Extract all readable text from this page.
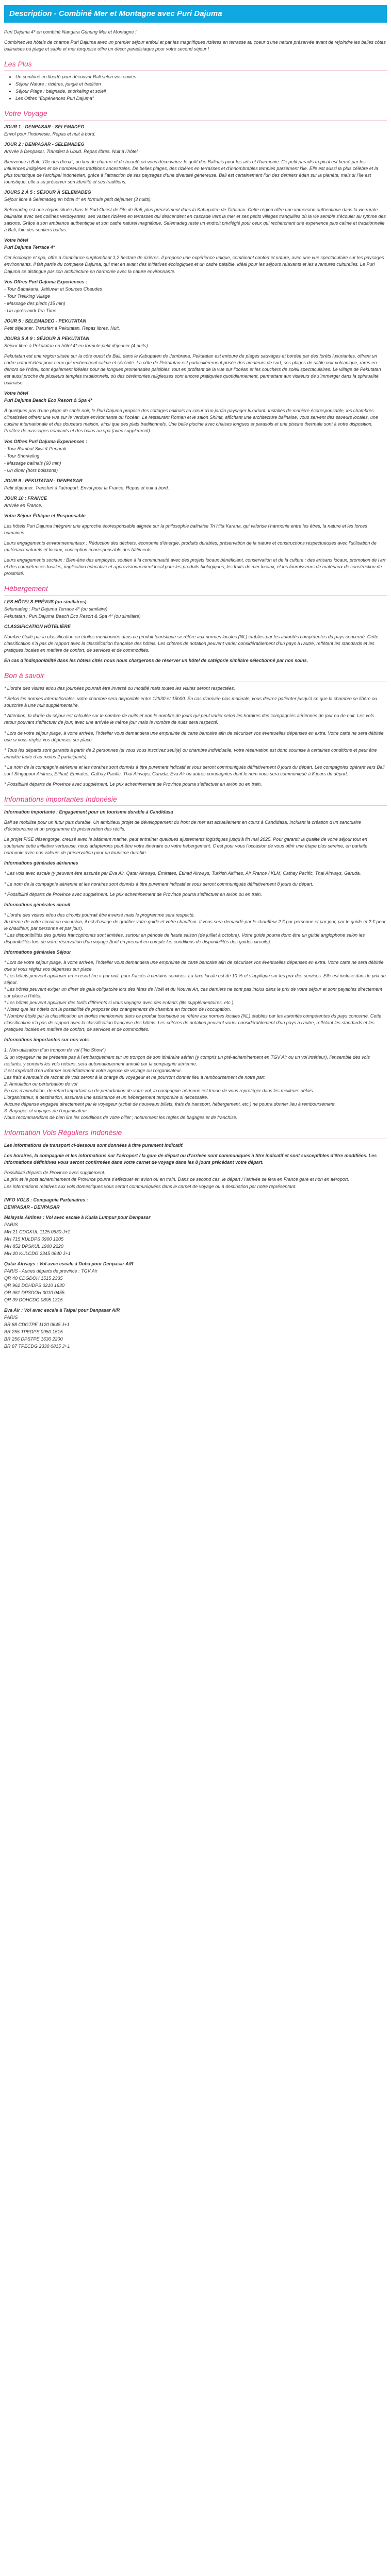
Description - Combiné Mer et Montagne avec Puri Dajuma

Puri Dajuma 4* en combiné Nangara Gunung Mer et Montagne !

Combinez les hôtels de charme Puri Dajuma avec un premier séjour enfoui et par les magnifiques rizières en terrasse au coeur d’une nature préservée avant de rejoindre les belles côtes balinaises où plage et sable et mer turquoise offre un décor paradisiaque pour votre second séjour !

Les Plus
• Un combiné en liberté pour découvrir Bali selon vos envies
• Séjour Nature : rizières, jungle et tradition
• Séjour Plage : baignade, snorkeling et soleil
• Les Offres "Expériences Puri Dajuma"
Votre Voyage

JOUR 1 : DENPASAR - SELEMADEG

Envol pour l’Indonésie. Repas et nuit à bord.

JOUR 2 : DENPASAR - SELEMADEG

Arrivée à Denpasar. Transfert à Ubud. Repas libres. Nuit à l’hôtel.

Bienvenue à Bali. "l’île des dieux", un lieu de charme et de beauté où vous découvrirez le goût des Balinais pour les arts et l’harmonie. Ce petit paradis tropical est bercé par les influences indigènes et de nombreuses traditions ancestrales. De belles plages, des rizières en terrasses et d’innombrables temples parsèment l’île. Elle est aussi la plus célèbre et la plus touristique de l’archipel indonésien, grâce à l’attraction de ses paysages d’une diversité généreuse. Bali est certainement l’un des derniers éden sur la planète, mais si l’île est touristique, elle a su préserver son identité et ses traditions.

JOURS 2 À 5 : SÉJOUR À SELEMADEG

Séjour libre à Selemadeg en hôtel 4* en formule petit déjeuner (3 nuits).

Selemadeg est une région située dans le Sud-Ouest de l’île de Bali, plus précisément dans la Kabupaten de Tabanan. Cette région offre une immersion authentique dans la vie rurale balinaise avec ses collines verdoyantes, ses vastes rizières en terrasses qui descendent en cascade vers la mer et ses petits villages tranquilles où la vie semble s’écouler au rythme des saisons. Grâce à son ambiance authentique et son cadre naturel magnifique, Selemadeg reste un endroit privilégié pour ceux qui recherchent une expérience plus calme et traditionnelle à Bali, loin des sentiers battus.

Votre hôtel

Puri Dajuma Terrace 4*

Cet écolodge et spa, offre à l’ambiance surplombant 1,2 hectare de rizières. Il propose une expérience unique, combinant confort et nature, avec une vue spectaculaire sur les paysages environnants. Il fait partie du complexe Dajuma, qui met en avant des initiatives écologiques et un cadre paisible, idéal pour les séjours relaxants et les aventures culturelles. Le Puri Dajuma se distingue par son architecture en harmonie avec la nature environnante.

Vos Offres Puri Dajuma Experiences :

- Tour Babakana, Jatiluwih et Sources Chaudes

- Tour Trekking Village

- Massage des pieds (15 min)

- Un après-midi Tea Time

JOUR 5 : SELEMADEG - PEKUTATAN

Petit déjeuner. Transfert à Pekutatan. Repas libres. Nuit.

JOURS 5 À 9 : SÉJOUR À PEKUTATAN

Séjour libre à Pekutatan en hôtel 4* en formule petit déjeuner (4 nuits).

Pekutatan est une région située sur la côte ouest de Bali, dans le Kabupaten de Jembrana. Pekutatan est entouré de plages sauvages et bordée par des forêts luxuriantes, offrant un cadre naturel idéal pour ceux qui recherchent calme et sérénité. La côte de Pekutatan est particulièrement prisée des amateurs de surf, ses plages de sable noir volcanique, rares en dehors de l’hôtel, sont également idéales pour de longues promenades paisibles, tout en profitant de la vue sur l’océan et les couchers de soleil spectaculaires. Le village de Pekutatan est aussi proche de plusieurs temples traditionnels, où des cérémonies religieuses sont encore pratiquées quotidiennement, permettant aux visiteurs de s’immerger dans la spiritualité balinaise.

Votre hôtel

Puri Dajuma Beach Eco Resort & Spa 4*

À quelques pas d’une plage de sable noir, le Puri Dajuma propose des cottages balinais au cœur d’un jardin paysager luxuriant. Installés de manière écoresponsable, les chambres climatisées offrent une vue sur le verdure environnante ou l’océan. Le restaurant Roman et le salon Shimit, affichant une architecture balinaise, vous servent des saveurs locales, une cuisine internationale et des douceurs maison, ainsi que des plats traditionnels. Une belle piscine avec chaises longues et parasols et une piscine thermale sont à votre disposition. Profitez de massages relaxants et des bains au spa (avec supplément).

Vos Offres Puri Dajuma Experiences :

- Tour Rambut Siwi & Penarak

- Tour Snorkeling

- Massage balinais (60 min)

- Un dîner (hors boissons)

JOUR 9 : PEKUTATAN - DENPASAR

Petit déjeuner. Transfert à l’aéroport. Envol pour la France. Repas et nuit à bord.

JOUR 10 : FRANCE

Arrivée en France.

Votre Séjour Éthique et Responsable

Les hôtels Puri Dajuma intègrent une approche écoresponsable alignée sur la philosophie balinaise Tri Hita Karana, qui valorise l’harmonie entre les êtres, la nature et les forces humaines.

Leurs engagements environnementaux : Réduction des déchets, économie d’énergie, produits durables, préservation de la nature et constructions respectueuses avec l’utilisation de matériaux naturels et locaux, conception écoresponsable des bâtiments.

Leurs engagements sociaux : Bien-être des employés, soutien à la communauté avec des projets locaux bénéficiant, conservation et de la culture : des artisans locaux, promotion de l’art et des compétences locales, implication éducative et approvisionnement local pour les produits biologiques, les fruits de mer locaux, et les fournisseurs de matériaux de construction de proximité.

Hébergement

LES HÔTELS PRÉVUS (ou similaires)

Selemadeg : Puri Dajuma Terrace 4* (ou similaire)

Pekutatan : Puri Dajuma Beach Eco Resort & Spa 4* (ou similaire)

CLASSIFICATION HÔTELIÈRE

Nombre étoilé par la classification en étoiles mentionnée dans ce produit touristique se réfère aux normes locales (NL) établies par les autorités compétentes du pays concerné. Cette classification n’a pas de rapport avec la classification française des hôtels. Les critères de notation peuvent varier considérablement d’un pays à l’autre, reflétant les standards et les pratiques locales en matière de confort, de services et de commodités.

En cas d’indisponibilité dans les hôtels cités nous nous chargerons de réserver un hôtel de catégorie similaire sélectionné par nos soins.

Bon à savoir

* L’ordre des visites et/ou des journées pourrait être inversé ou modifié mais toutes les visites seront respectées.

* Selon les normes internationales, votre chambre sera disponible entre 12h30 et 15h00. En cas d’arrivée plus matinale, vous devrez patienter jusqu’à ce que la chambre se libère ou souscrire à une nuit supplémentaire.

* Attention, la durée du séjour est calculée sur le nombre de nuits et non le nombre de jours qui peut varier selon les horaires des compagnies aériennes de jour ou de nuit. Les vols retour pouvant s’effectuer de jour, avec une arrivée le même jour mais le nombre de nuits sera respecté.

* Lors de votre séjour plage, à votre arrivée, l’hôtelier vous demandera une empreinte de carte bancaire afin de sécuriser vos éventuelles dépenses en extra. Votre carte ne sera débitée que si vous réglez vos dépenses sur place.

* Tous les départs sont garantis à partir de 2 personnes (si vous vous inscrivez seul(e) ou chambre individuelle, votre réservation est donc soumise à certaines conditions et peut être annulée faute d’au moins 2 participants).

* Le nom de la compagnie aérienne et les horaires sont donnés à titre purement indicatif et vous seront communiqués définitivement 8 jours du départ. Les compagnies opérant vers Bali sont Singapour Airlines, Etihad, Emirates, Cathay Pacific, Thai Airways, Garuda, Eva Air ou autres compagnies dont le nom vous sera communiqué à 8 jours du départ.

* Possibilité départs de Province avec supplément. Le prix acheminement de Province pourra s’effectuer en avion ou en train.

Informations importantes Indonésie

Information importante : Engagement pour un tourisme durable à Candidasa

Bali se mobilise pour un futur plus durable. Un ambitieux projet de développement du front de mer est actuellement en cours à Candidasa, incluant la création d’un sanctuaire d’écotourisme et un programme de préservation des récifs.

Le projet FISE désengorge, creusé avec le bâtiment marine, peut entraîner quelques ajustements logistiques jusqu’à fin mai 2025. Pour garantir la qualité de votre séjour tout en soutenant cette initiative vertueuse, nous adapterons peut-être votre itinéraire ou votre hébergement. C’est pour vous l’occasion de vous offrir une étape plus sereine, en parfaite harmonie avec nos valeurs de préservation pour un tourisme durable.

Informations générales aériennes

* Les vols avec escale (y peuvent être assurés par Eva Air, Qatar Airways, Emirates, Etihad Airways, Turkish Airlines, Air France / KLM, Cathay Pacific, Thai Airways, Garuda.

* Le nom de la compagnie aérienne et les horaires sont donnés à titre purement indicatif et vous seront communiqués définitivement 8 jours du départ.

* Possibilité départs de Province avec supplément. Le prix acheminement de Province pourra s’effectuer en avion ou en train.

Informations générales circuit

* L’ordre des visites et/ou des circuits pourrait être inversé mais le programme sera respecté.
Au terme de votre circuit ou excursion, il est d’usage de gratifier votre guide et votre chauffeur. Il vous sera demandé par le chauffeur 2 € par personne et par jour, par le guide et 2 € pour le chauffeur, par personne et par jour).
* Les disponibilités des guides francophones sont limitées, surtout en période de haute saison (de juillet à octobre). Votre guide pourra donc être un guide anglophone selon les disponibilités lors de votre réservation d’un voyage (tout en prenant en compte les conditions de disponibilités des guides circuits).

Informations générales Séjour

* Lors de votre séjour plage, à votre arrivée, l’hôtelier vous demandera une empreinte de carte bancaire afin de sécuriser vos éventuelles dépenses en extra. Votre carte ne sera débitée que si vous réglez vos dépenses sur place.
* Les hôtels peuvent appliquer un « resort fee » par nuit, pour l’accès à certains services. La taxe locale est de 10 % et s’applique sur les prix des services. Elle est incluse dans le prix du séjour.
* Les hôtels peuvent exiger un dîner de gala obligatoire lors des fêtes de Noël et du Nouvel An, ces derniers ne sont pas inclus dans le prix de votre séjour et sont payables directement sur place à l’hôtel.
* Les hôtels peuvent appliquer des tarifs différents si vous voyagez avec des enfants (lits supplémentaires, etc.).
* Notez que les hôtels ont la possibilité de proposer des changements de chambre en fonction de l’occupation.
* Nombre étoilé par la classification en étoiles mentionnée dans ce produit touristique se réfère aux normes locales (NL) établies par les autorités compétentes du pays concerné. Cette classification n’a pas de rapport avec la classification française des hôtels. Les critères de notation peuvent varier considérablement d’un pays à l’autre, reflétant les standards et les pratiques locales en matière de confort, de services et de commodités.

Informations importantes sur nos vols

1. Non-utilisation d’un tronçon de vol ("No Show")
Si un voyageur ne se présente pas à l’embarquement sur un tronçon de son itinéraire aérien (y compris un pré-acheminement en TGV Air ou un vol intérieur), l’ensemble des vols restants, y compris les vols retours, sera automatiquement annulé par la compagnie aérienne.
Il est impératif d’en informer immédiatement votre agence de voyage ou l’organisateur.
Les frais éventuels de rachat de vols seront à la charge du voyageur et ne pourront donner lieu à remboursement de notre part.
2. Annulation ou perturbation de vol
En cas d’annulation, de retard important ou de perturbation de votre vol, la compagnie aérienne est tenue de vous reprotéger dans les meilleurs délais.
L’organisateur, à destination, assurera une assistance et un hébergement temporaire si nécessaire.
Aucune dépense engagée directement par le voyageur (achat de nouveaux billets, frais de transport, hébergement, etc.) ne pourra donner lieu à remboursement.
3. Bagages et voyages de l’organisateur
Nous recommandons de bien lire les conditions de votre billet ; notamment les règles de bagages et de franchise.

Information Vols Réguliers Indonésie

Les informations de transport ci-dessous sont données à titre purement indicatif.

Les horaires, la compagnie et les informations sur l’aéroport / la gare de départ ou d’arrivée sont communiqués à titre indicatif et sont susceptibles d’être modifiées. Les informations définitives vous seront confirmées dans votre carnet de voyage dans les 8 jours précédant votre départ.

Possibilité départs de Province avec supplément.
Le prix et le post acheminement de Province pourra s’effectuer en avion ou en train. Dans ce second cas, le départ / l’arrivée se fera en France gare et non en aéroport.
Les informations relatives aux vols domestiques vous seront communiquées dans le carnet de voyage ou à destination par notre représentant.

INFO VOLS : Compagnie Partenaires :

DENPASAR - DENPASAR

Malaysia Airlines : Vol avec escale à Kuala Lumpur pour Denpasar

PARIS

MH 21 CDGKUL 1125 0630 J+1

MH 715 KULDPS 0900 1205

MH 852 DPSKUL 1900 2220

MH 20 KULCDG 2345 0640 J+1

Qatar Airways : Vol avec escale à Doha pour Denpasar A/R

PARIS - Autres départs de province : TGV Air

QR 40 CDGDOH 1515 2335

QR 962 DOHDPS 0210 1630

QR 961 DPSDOH 0010 0455

QR 39 DOHCDG 0805 1315

Eva Air : Vol avec escale à Taipei pour Denpasar A/R

PARIS

BR 88 CDGTPE 1120 0645 J+1

BR 255 TPEDPS 0950 1515

BR 256 DPSTPE 1630 2200

BR 87 TPECDG 2330 0815 J+1
